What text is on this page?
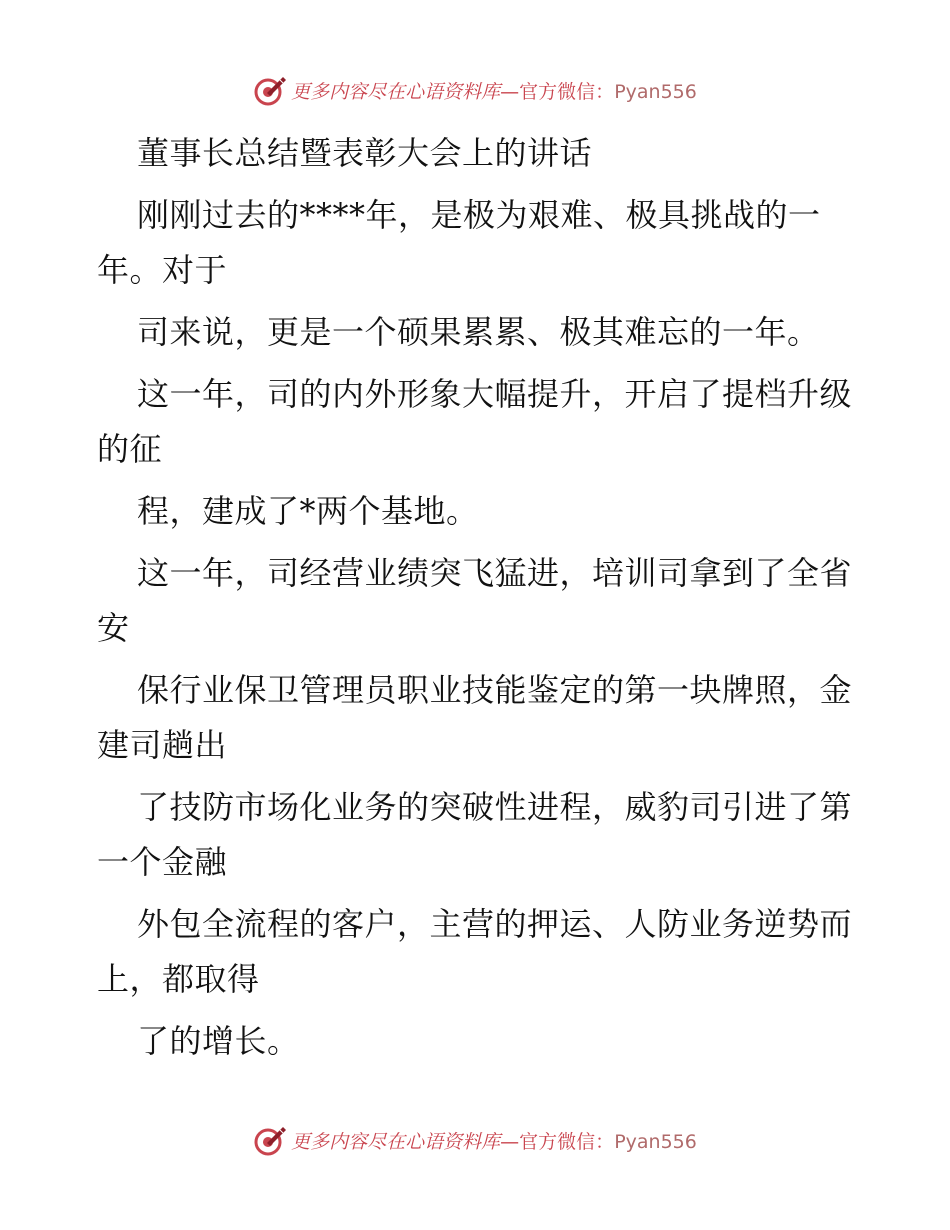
更多内容尽在心语资料库—官方微信：Pyan556

董事长总结暨表彰大会上的讲话

刚刚过去的****年，是极为艰难、极具挑战的一年。对于

司来说，更是一个硕果累累、极其难忘的一年。

这一年，司的内外形象大幅提升，开启了提档升级的征

程，建成了*两个基地。

这一年，司经营业绩突飞猛进，培训司拿到了全省安

保行业保卫管理员职业技能鉴定的第一块牌照，金建司趟出

了技防市场化业务的突破性进程，威豹司引进了第一个金融

外包全流程的客户，主营的押运、人防业务逆势而上，都取得

了的增长。

更多内容尽在心语资料库—官方微信：Pyan556
